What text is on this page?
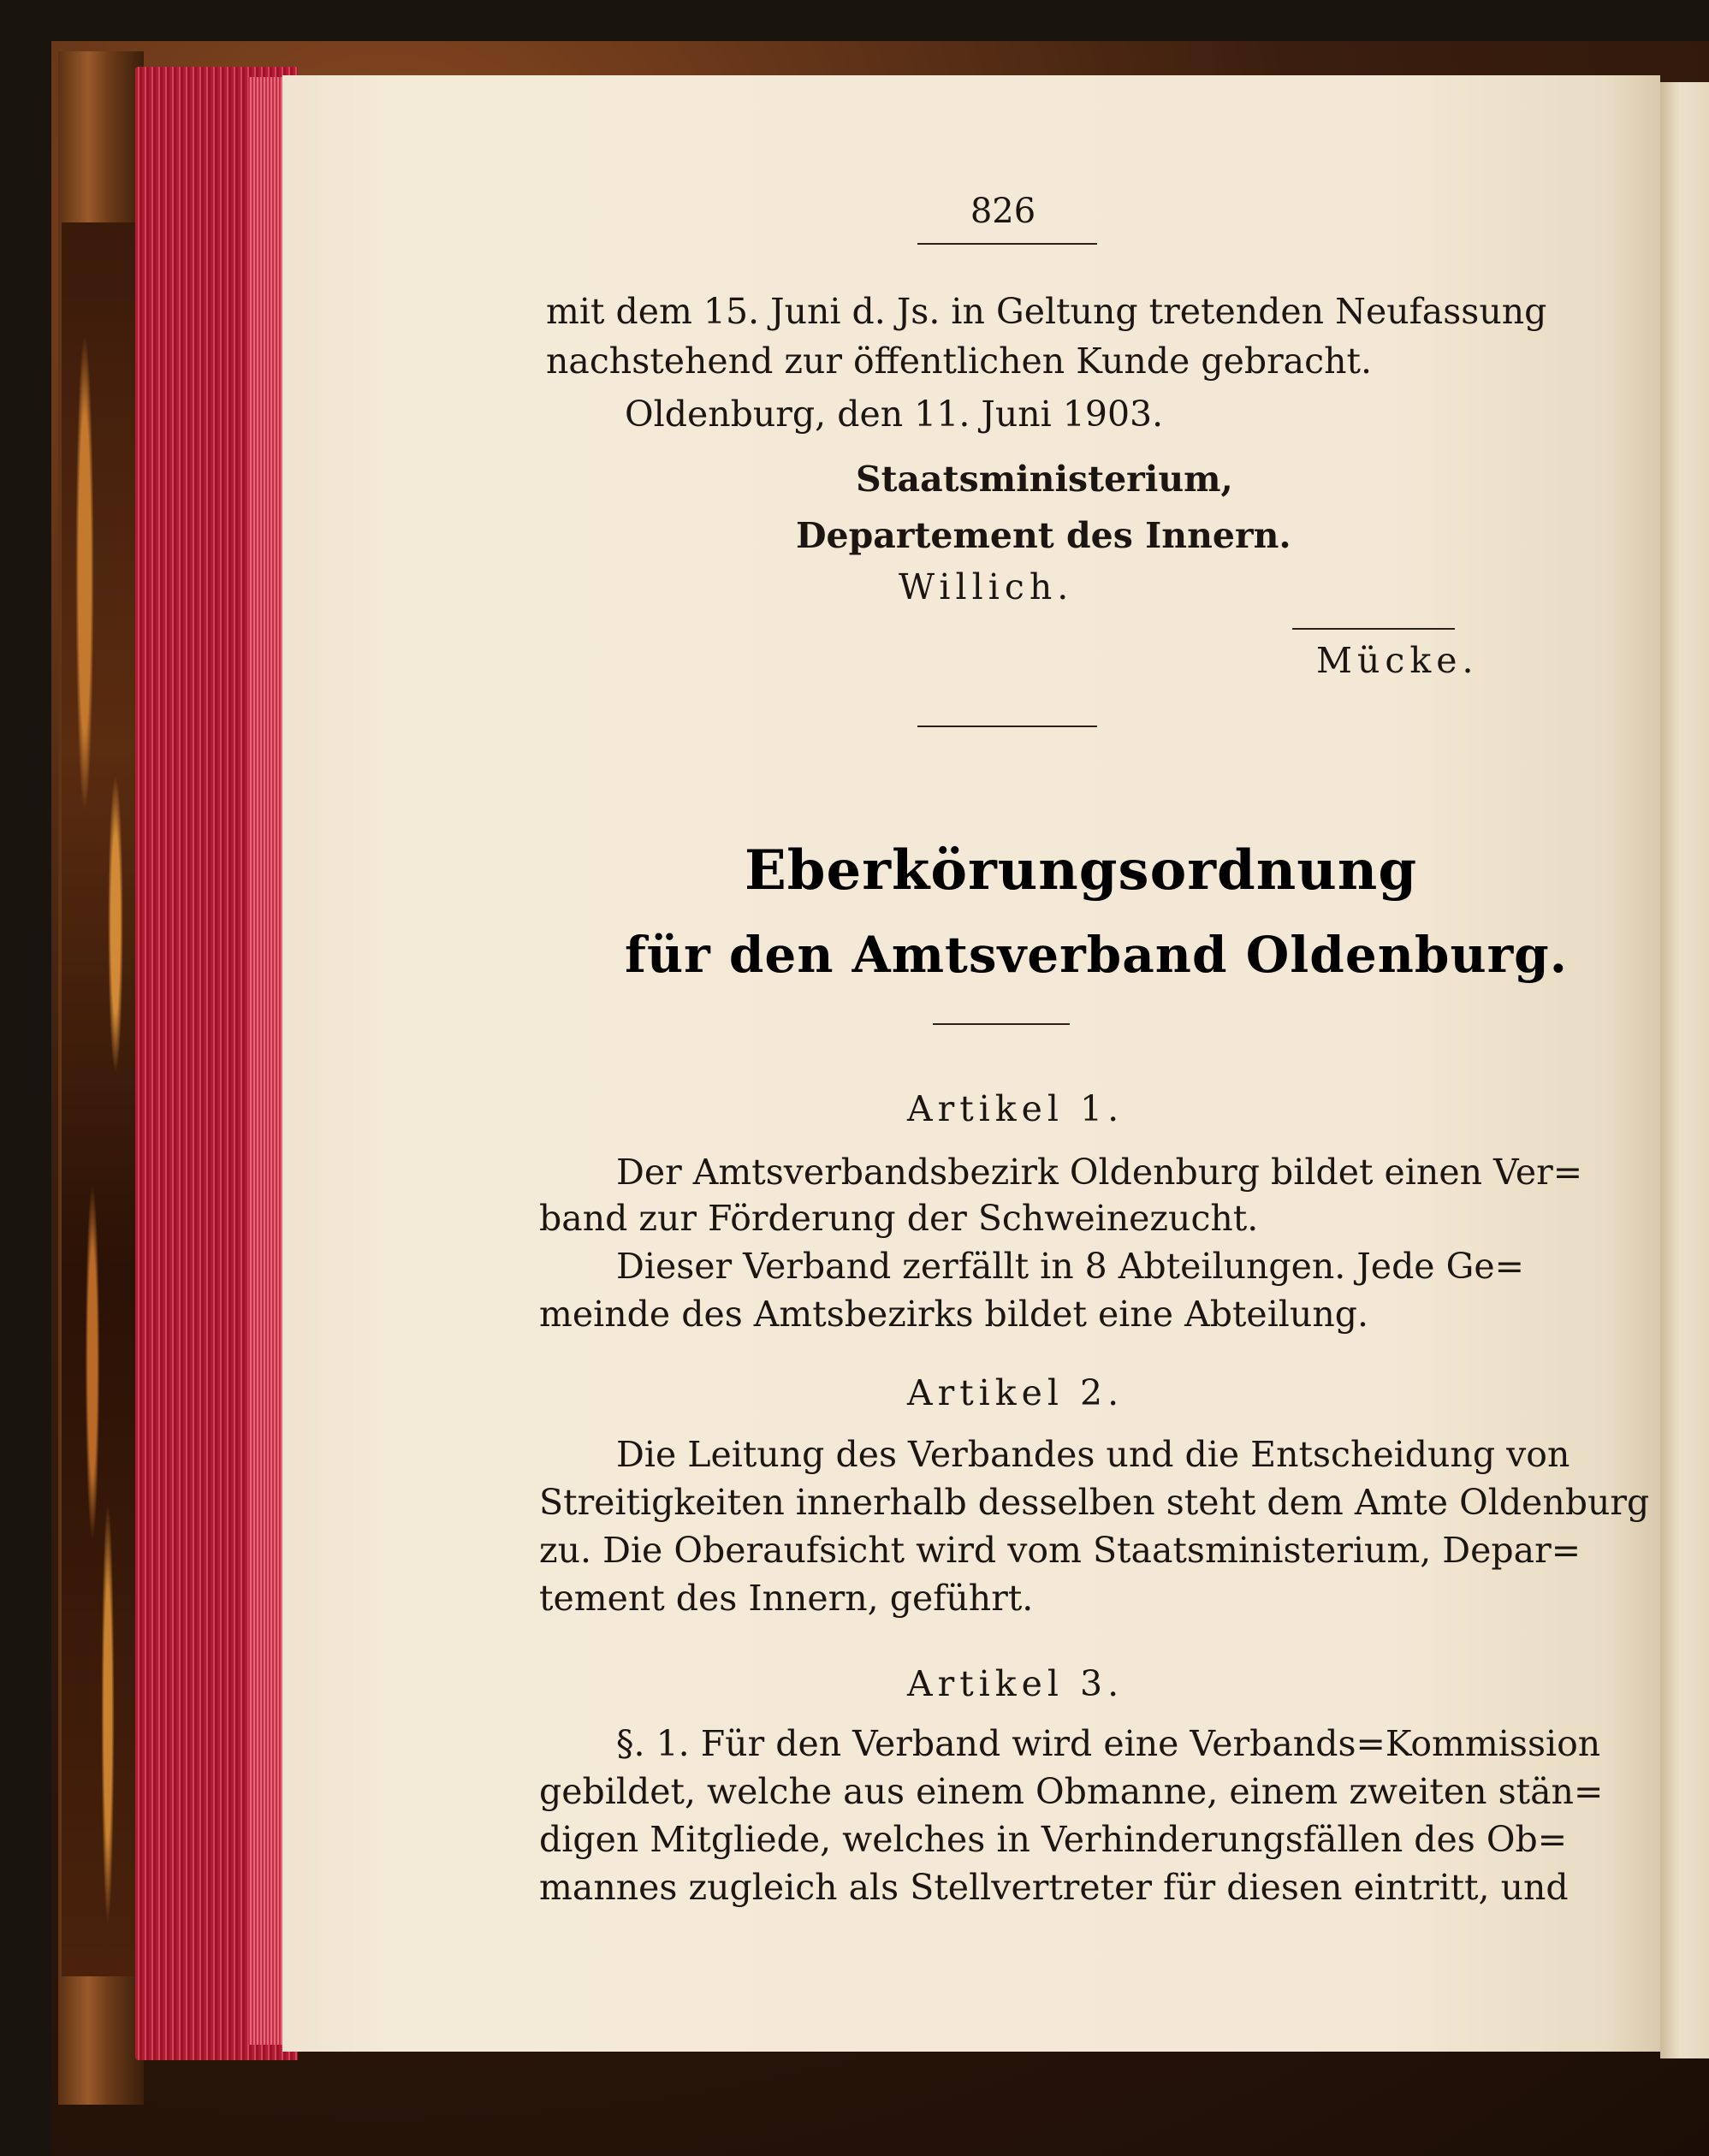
826
mit dem 15. Juni d. Js. in Geltung tretenden Neufassung
nachstehend zur öffentlichen Kunde gebracht.
Oldenburg, den 11. Juni 1903.
Staatsministerium,
Departement des Innern.
Willich.
Mücke.
Eberkörungsordnung
für den Amtsverband Oldenburg.
Artikel 1.
Der Amtsverbandsbezirk Oldenburg bildet einen Ver=
band zur Förderung der Schweinezucht.
Dieser Verband zerfällt in 8 Abteilungen. Jede Ge=
meinde des Amtsbezirks bildet eine Abteilung.
Artikel 2.
Die Leitung des Verbandes und die Entscheidung von
Streitigkeiten innerhalb desselben steht dem Amte Oldenburg
zu. Die Oberaufsicht wird vom Staatsministerium, Depar=
tement des Innern, geführt.
Artikel 3.
§. 1. Für den Verband wird eine Verbands=Kommission
gebildet, welche aus einem Obmanne, einem zweiten stän=
digen Mitgliede, welches in Verhinderungsfällen des Ob=
mannes zugleich als Stellvertreter für diesen eintritt, und
